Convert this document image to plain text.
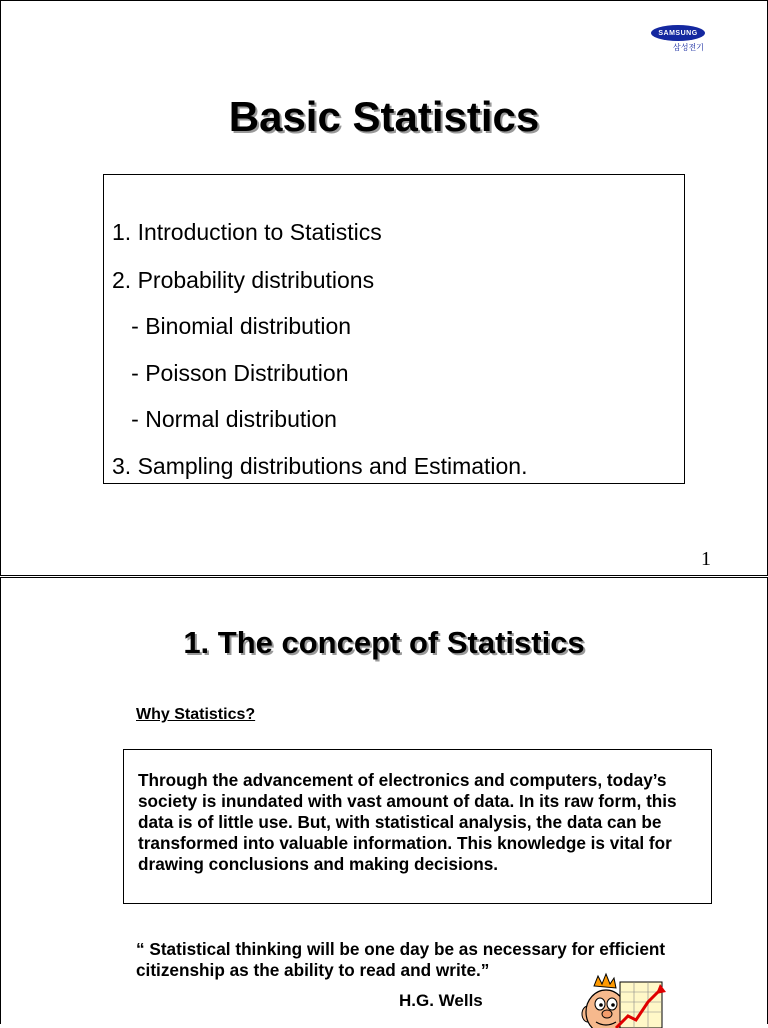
SAMSUNG
삼성전기
Basic Statistics
1. Introduction to Statistics
2. Probability distributions
- Binomial distribution
- Poisson Distribution
- Normal distribution
3. Sampling distributions and Estimation.
1
1. The concept of Statistics
Why Statistics?
Through the advancement of electronics and computers, today’s society is inundated with vast amount of data. In its raw form, this data is of little use. But, with statistical analysis, the data can be transformed into valuable information. This knowledge is vital for drawing conclusions and making decisions.
“ Statistical thinking will be one day be as necessary for efficient citizenship as the ability to read and write.”
H.G. Wells
